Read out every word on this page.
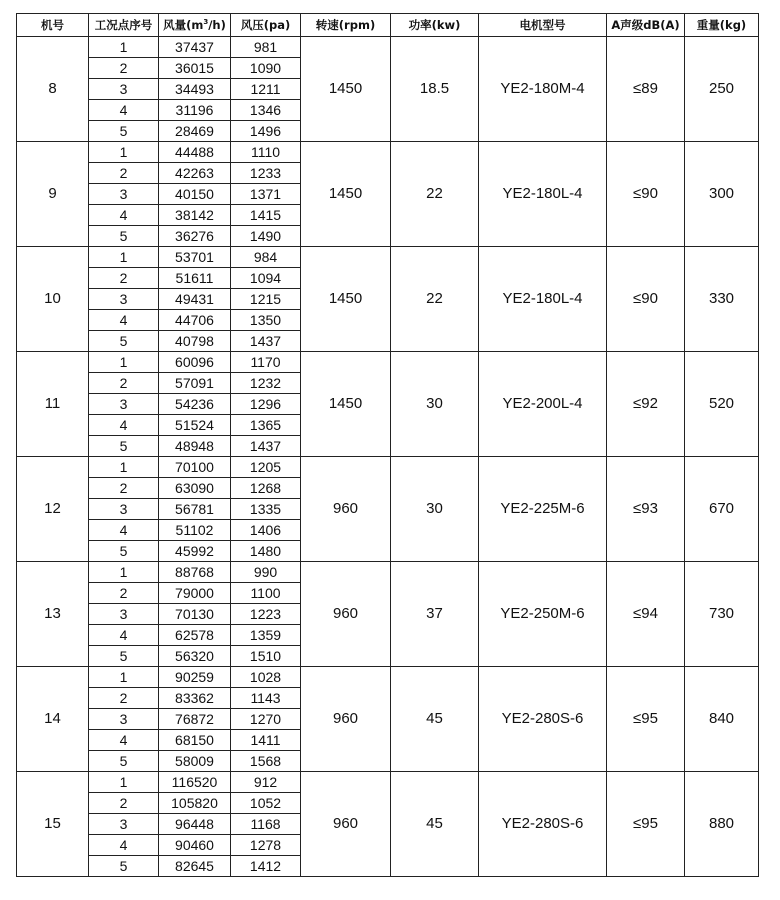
机号	工况点序号	风量$(m^3/h)$	风压(pa)	转速(rpm)	功率(kw)	电机型号	A声级dB(A)	重量(kg)
8	1	37437	981	1450	18.5	YE2-180M-4	≤89	250
	2	36015	1090					
	3	34493	1211					
	4	31196	1346					
	5	28469	1496					
9	1	44488	1110	1450	22	YE2-180L-4	≤90	300
	2	42263	1233					
	3	40150	1371					
	4	38142	1415					
	5	36276	1490					
10	1	53701	984	1450	22	YE2-180L-4	≤90	330
	2	51611	1094					
	3	49431	1215					
	4	44706	1350					
	5	40798	1437					
11	1	60096	1170	1450	30	YE2-200L-4	≤92	520
	2	57091	1232					
	3	54236	1296					
	4	51524	1365					
	5	48948	1437					
12	1	70100	1205	960	30	YE2-225M-6	≤93	670
	2	63090	1268					
	3	56781	1335					
	4	51102	1406					
	5	45992	1480					
13	1	88768	990	960	37	YE2-250M-6	≤94	730
	2	79000	1100					
	3	70130	1223					
	4	62578	1359					
	5	56320	1510					
14	1	90259	1028	960	45	YE2-280S-6	≤95	840
	2	83362	1143					
	3	76872	1270					
	4	68150	1411					
	5	58009	1568					
15	1	116520	912	960	45	YE2-280S-6	≤95	880
	2	105820	1052					
	3	96448	1168					
	4	90460	1278					
	5	82645	1412					
